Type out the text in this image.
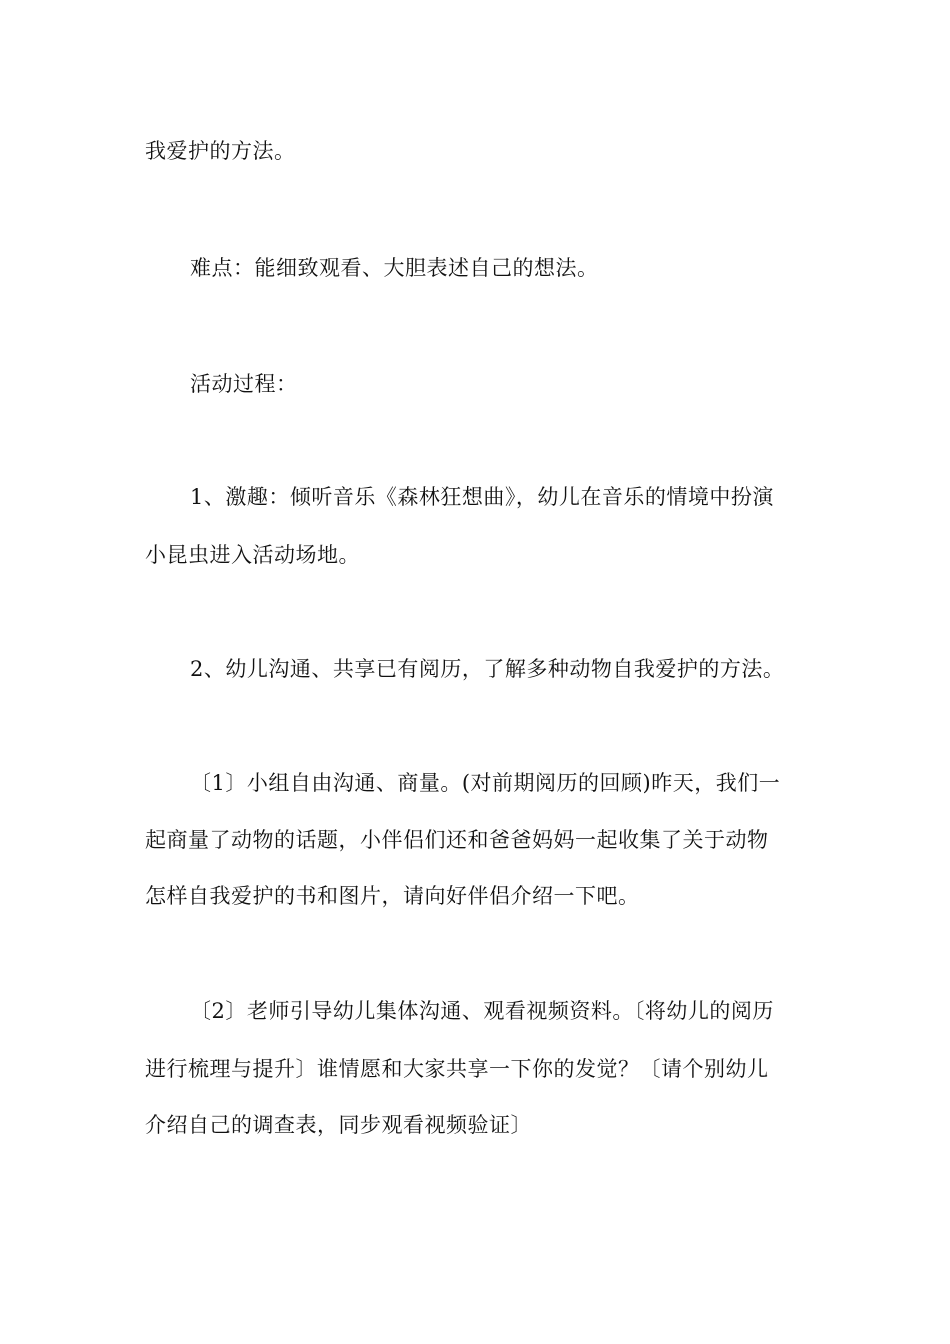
我爱护的方法。
难点：能细致观看、大胆表述自己的想法。
活动过程：
1、激趣：倾听音乐《森林狂想曲》，幼儿在音乐的情境中扮演
小昆虫进入活动场地。
2、幼儿沟通、共享已有阅历，了解多种动物自我爱护的方法。
〔1〕小组自由沟通、商量。(对前期阅历的回顾)昨天，我们一
起商量了动物的话题，小伴侣们还和爸爸妈妈一起收集了关于动物
怎样自我爱护的书和图片，请向好伴侣介绍一下吧。
〔2〕老师引导幼儿集体沟通、观看视频资料。〔将幼儿的阅历
进行梳理与提升〕谁情愿和大家共享一下你的发觉？〔请个别幼儿
介绍自己的调查表，同步观看视频验证〕
